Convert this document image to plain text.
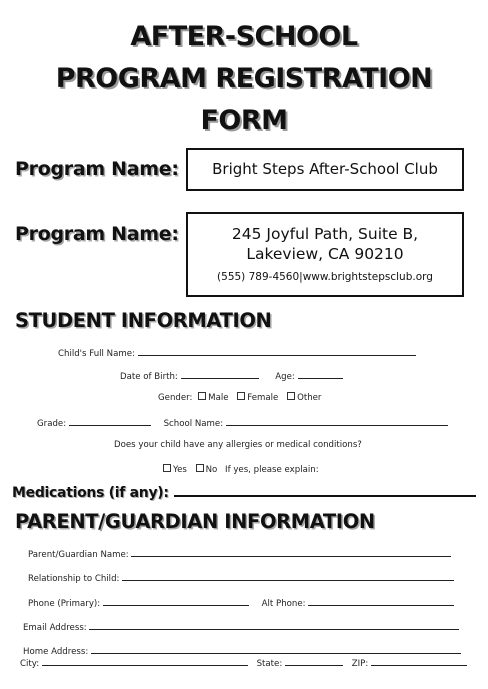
AFTER-SCHOOL
PROGRAM REGISTRATION
FORM
Program Name:	Bright Steps After-School Club
Program Name:	245 Joyful Path, Suite B,
Lakeview, CA 90210
(555) 789-4560|www.brightstepsclub.org
STUDENT INFORMATION
Child's Full Name:
Date of Birth:	Age:
Gender: Male Female Other
Grade:	School Name:
Does your child have any allergies or medical conditions?
Yes No If yes, please explain:
Medications (if any):
PARENT/GUARDIAN INFORMATION
Parent/Guardian Name:
Relationship to Child:
Phone (Primary):	Alt Phone:
Email Address:
Home Address:
City:	State:	ZIP:
